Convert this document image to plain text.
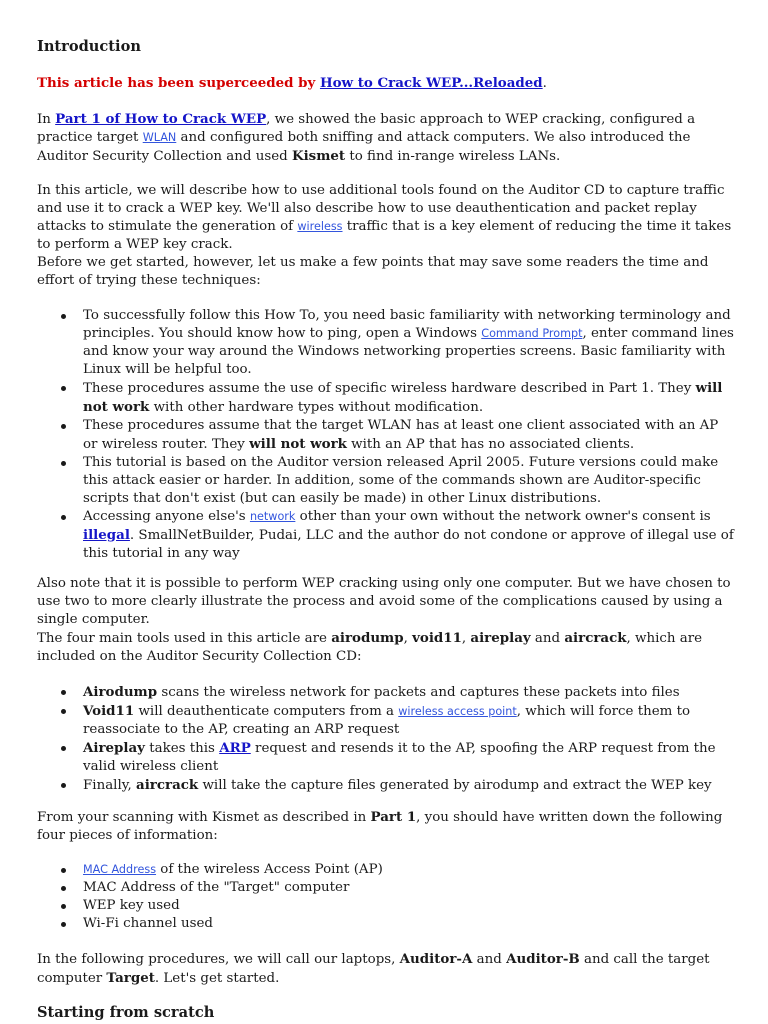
Introduction

This article has been superceeded by How to Crack WEP...Reloaded.

In Part 1 of How to Crack WEP, we showed the basic approach to WEP cracking, configured a practice target WLAN and configured both sniffing and attack computers. We also introduced the Auditor Security Collection and used Kismet to find in-range wireless LANs.

In this article, we will describe how to use additional tools found on the Auditor CD to capture traffic and use it to crack a WEP key. We'll also describe how to use deauthentication and packet replay attacks to stimulate the generation of wireless traffic that is a key element of reducing the time it takes to perform a WEP key crack.

Before we get started, however, let us make a few points that may save some readers the time and effort of trying these techniques:

To successfully follow this How To, you need basic familiarity with networking terminology and principles. You should know how to ping, open a Windows Command Prompt, enter command lines and know your way around the Windows networking properties screens. Basic familiarity with Linux will be helpful too.
These procedures assume the use of specific wireless hardware described in Part 1. They will not work with other hardware types without modification.
These procedures assume that the target WLAN has at least one client associated with an AP or wireless router. They will not work with an AP that has no associated clients.
This tutorial is based on the Auditor version released April 2005. Future versions could make this attack easier or harder. In addition, some of the commands shown are Auditor-specific scripts that don't exist (but can easily be made) in other Linux distributions.
Accessing anyone else's network other than your own without the network owner's consent is illegal. SmallNetBuilder, Pudai, LLC and the author do not condone or approve of illegal use of this tutorial in any way

Also note that it is possible to perform WEP cracking using only one computer. But we have chosen to use two to more clearly illustrate the process and avoid some of the complications caused by using a single computer.

The four main tools used in this article are airodump, void11, aireplay and aircrack, which are included on the Auditor Security Collection CD:

Airodump scans the wireless network for packets and captures these packets into files
Void11 will deauthenticate computers from a wireless access point, which will force them to reassociate to the AP, creating an ARP request
Aireplay takes this ARP request and resends it to the AP, spoofing the ARP request from the valid wireless client
Finally, aircrack will take the capture files generated by airodump and extract the WEP key

From your scanning with Kismet as described in Part 1, you should have written down the following four pieces of information:

MAC Address of the wireless Access Point (AP)
MAC Address of the "Target" computer
WEP key used
Wi-Fi channel used

In the following procedures, we will call our laptops, Auditor-A and Auditor-B and call the target computer Target. Let's get started.

Starting from scratch
